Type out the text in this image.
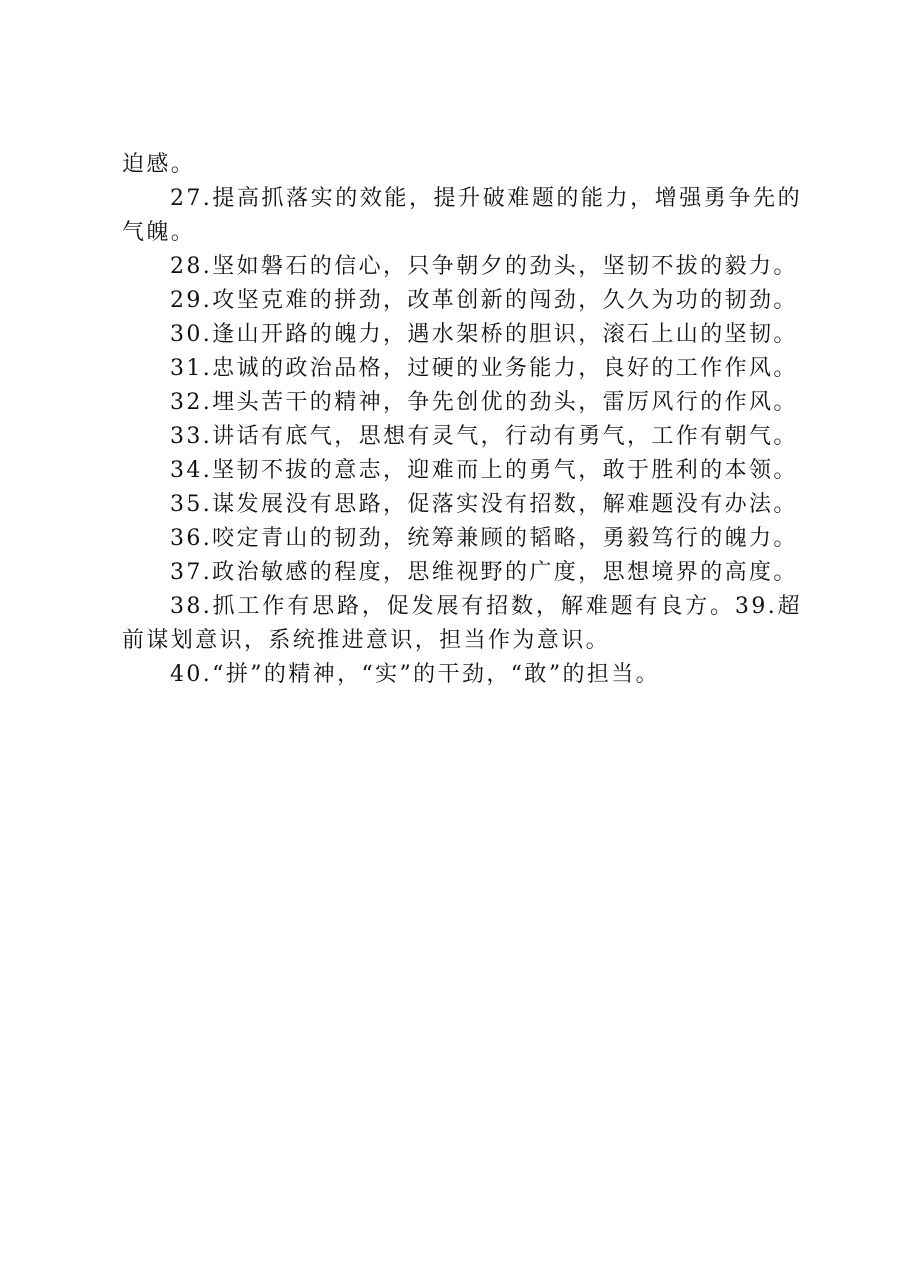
迫感。

27.提高抓落实的效能，提升破难题的能力，增强勇争先的气魄。

28.坚如磐石的信心，只争朝夕的劲头，坚韧不拔的毅力。

29.攻坚克难的拼劲，改革创新的闯劲，久久为功的韧劲。

30.逢山开路的魄力，遇水架桥的胆识，滚石上山的坚韧。

31.忠诚的政治品格，过硬的业务能力，良好的工作作风。

32.埋头苦干的精神，争先创优的劲头，雷厉风行的作风。

33.讲话有底气，思想有灵气，行动有勇气，工作有朝气。

34.坚韧不拔的意志，迎难而上的勇气，敢于胜利的本领。

35.谋发展没有思路，促落实没有招数，解难题没有办法。

36.咬定青山的韧劲，统筹兼顾的韬略，勇毅笃行的魄力。

37.政治敏感的程度，思维视野的广度，思想境界的高度。

38.抓工作有思路，促发展有招数，解难题有良方。39.超前谋划意识，系统推进意识，担当作为意识。

40.“拼”的精神，“实”的干劲，“敢”的担当。
